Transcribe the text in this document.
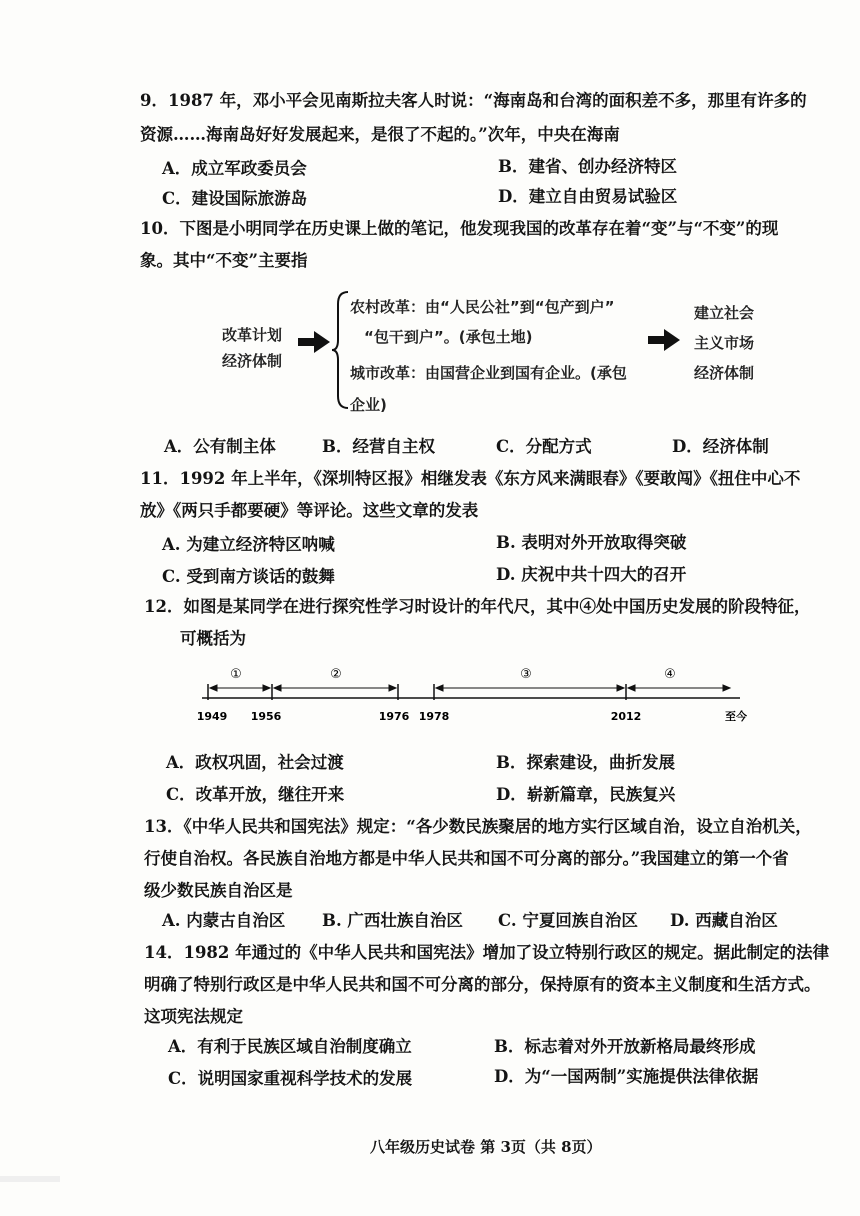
9．1987 年，邓小平会见南斯拉夫客人时说：“海南岛和台湾的面积差不多，那里有许多的
资源……海南岛好好发展起来，是很了不起的。”次年，中央在海南
A．成立军政委员会	B．建省、创办经济特区
C．建设国际旅游岛	D．建立自由贸易试验区
10．下图是小明同学在历史课上做的笔记，他发现我国的改革存在着“变”与“不变”的现
象。其中“不变”主要指
改革计划
经济体制
农村改革：由“人民公社”到“包产到户”
“包干到户”。(承包土地)
城市改革：由国营企业到国有企业。(承包
企业)
建立社会
主义市场
经济体制
A．公有制主体	B．经营自主权	C．分配方式	D．经济体制
11．1992 年上半年，《深圳特区报》相继发表《东方风来满眼春》《要敢闯》《扭住中心不
放》《两只手都要硬》等评论。这些文章的发表
A. 为建立经济特区呐喊	B. 表明对外开放取得突破
C. 受到南方谈话的鼓舞	D. 庆祝中共十四大的召开
12．如图是某同学在进行探究性学习时设计的年代尺，其中④处中国历史发展的阶段特征，
可概括为
①	②	③	④
1949 1956	1976 1978	2012	至今
A．政权巩固，社会过渡	B．探索建设，曲折发展
C．改革开放，继往开来	D．崭新篇章，民族复兴
13．《中华人民共和国宪法》规定：“各少数民族聚居的地方实行区域自治，设立自治机关，
行使自治权。各民族自治地方都是中华人民共和国不可分离的部分。”我国建立的第一个省
级少数民族自治区是
A. 内蒙古自治区 B. 广西壮族自治区 C. 宁夏回族自治区 D. 西藏自治区
14．1982 年通过的《中华人民共和国宪法》增加了设立特别行政区的规定。据此制定的法律
明确了特别行政区是中华人民共和国不可分离的部分，保持原有的资本主义制度和生活方式。
这项宪法规定
A．有利于民族区域自治制度确立	B．标志着对外开放新格局最终形成
C．说明国家重视科学技术的发展	D．为“一国两制”实施提供法律依据
八年级历史试卷 第 3页（共 8页）
